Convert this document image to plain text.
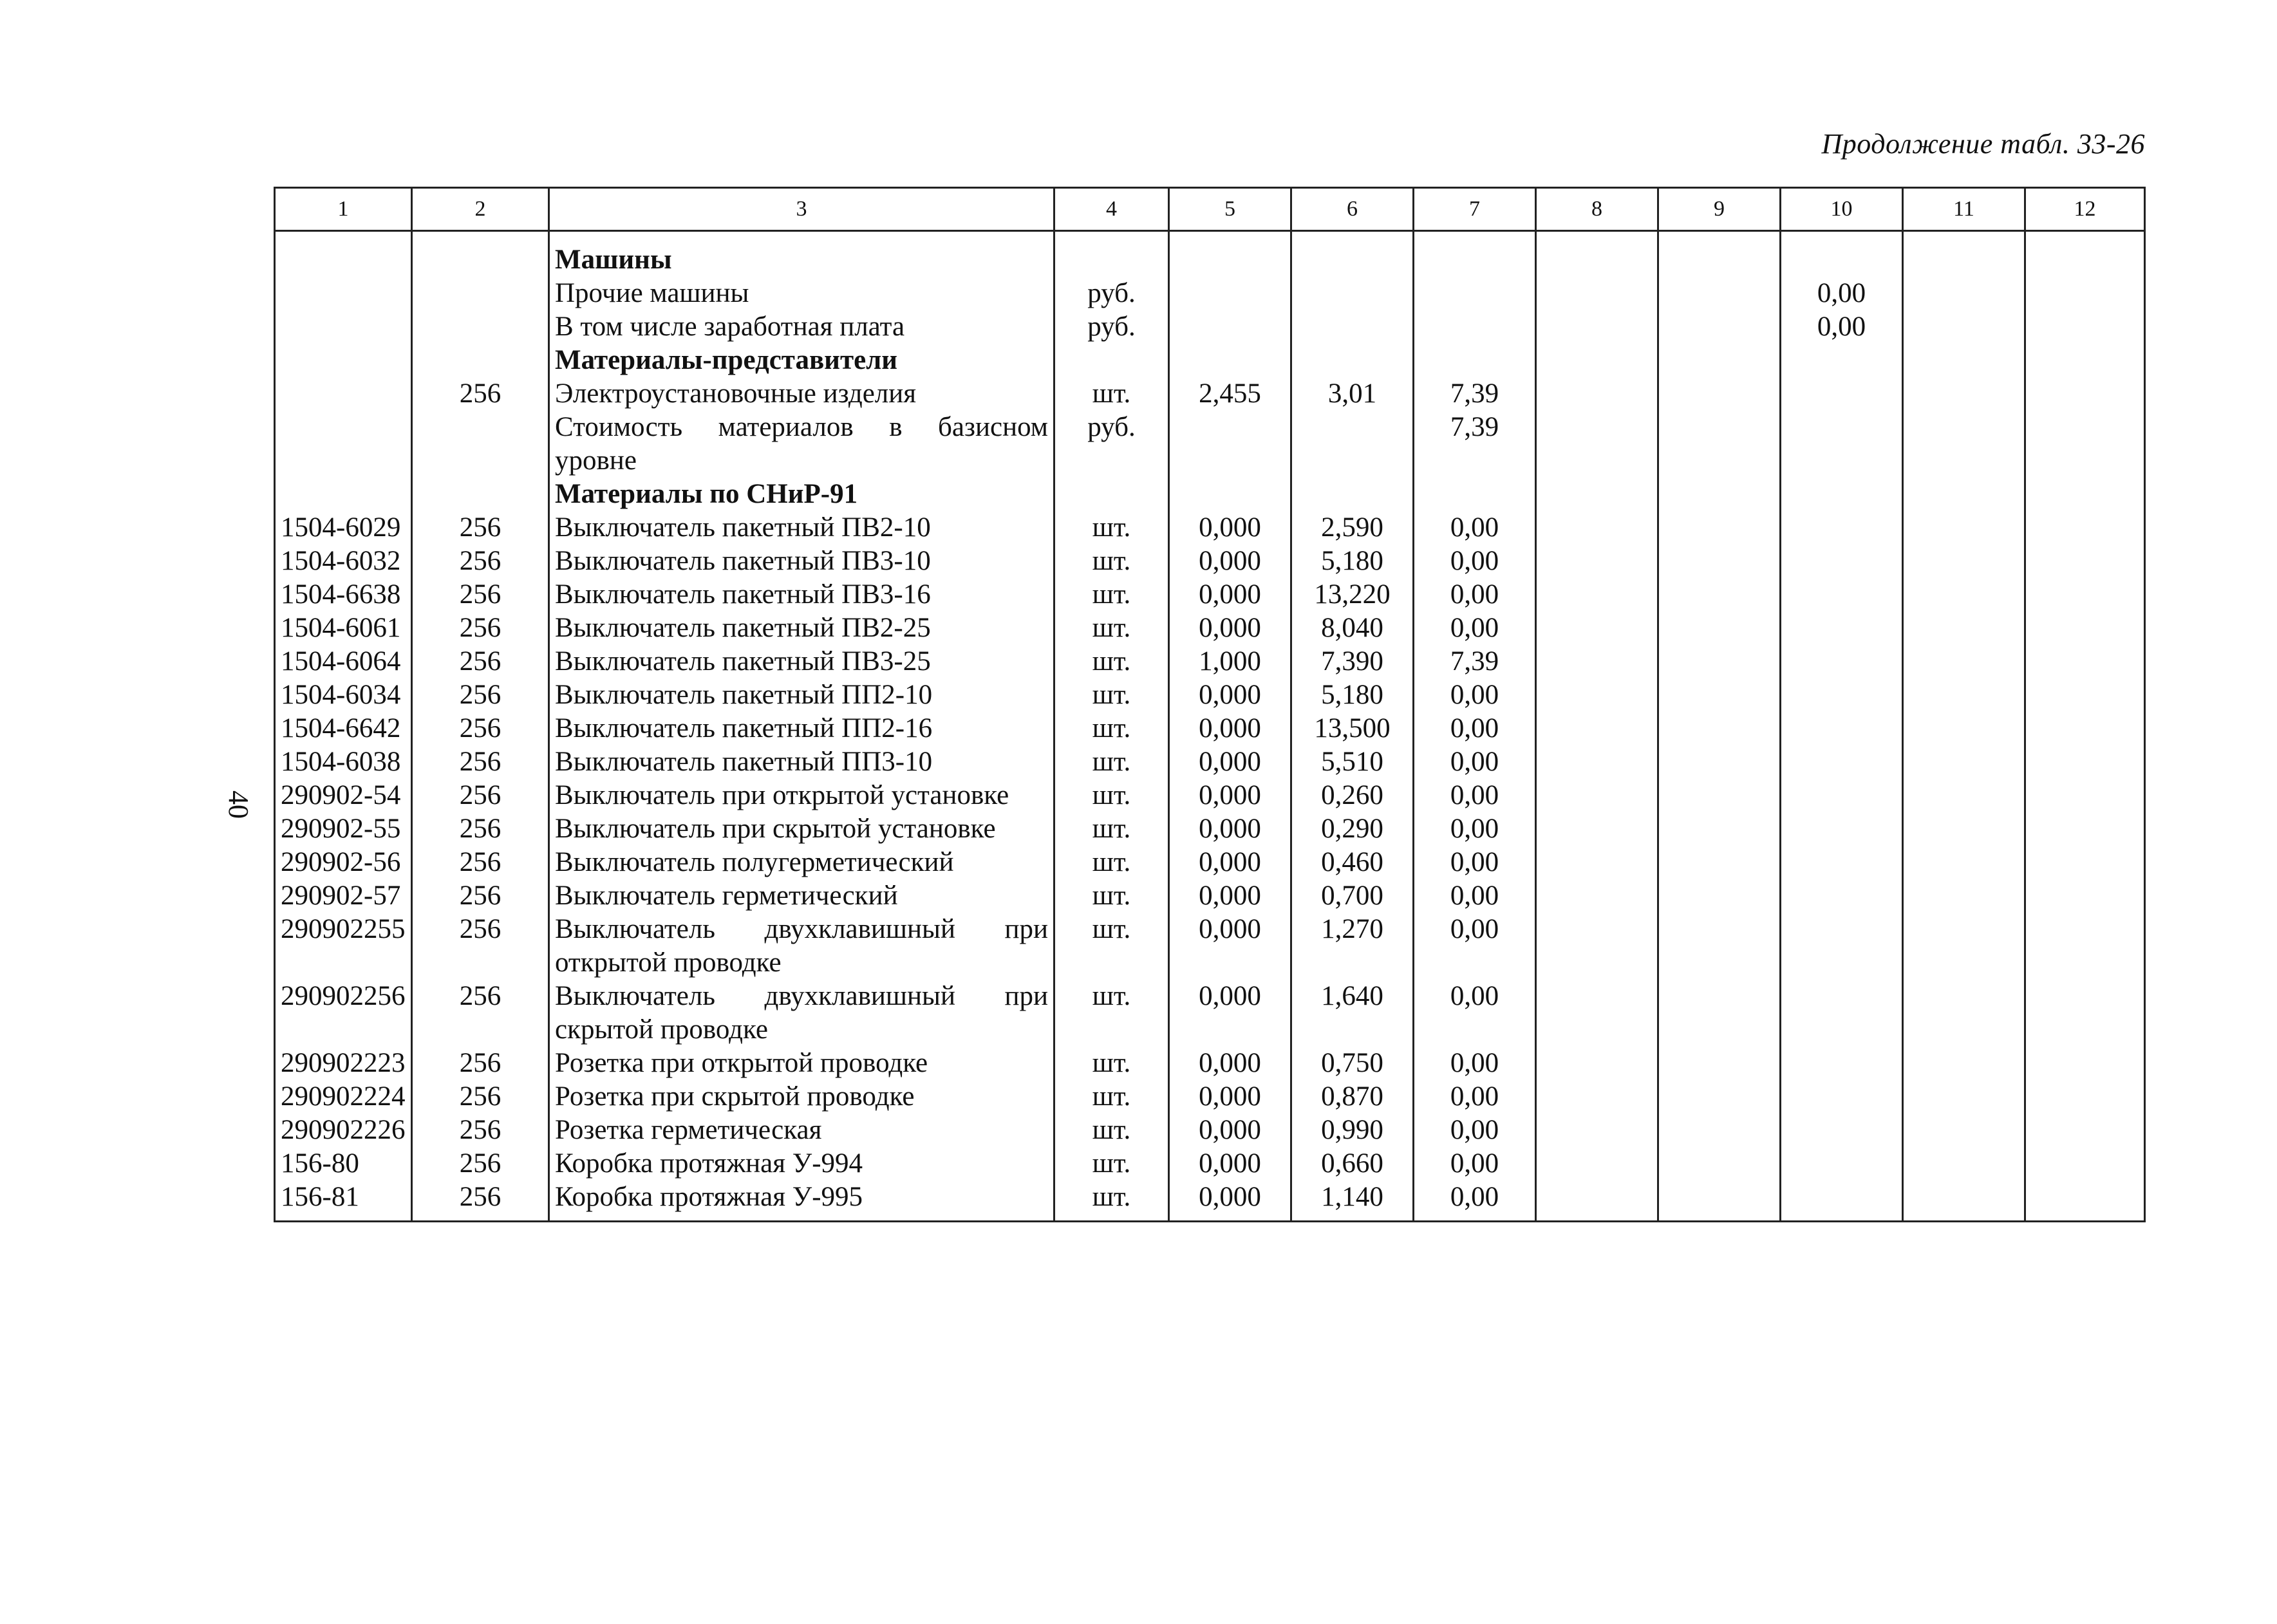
Продолжение табл. 33-26
40
1	2	3	4	5	6	7	8	9	10	11	12
		Машины									
		Прочие машины	руб.						0,00		
		В том числе заработная плата	руб.						0,00		
		Материалы-представители									
	256	Электроустановочные изделия	шт.	2,455	3,01	7,39					
		Стоимость материалов в базисном уровне	руб.			7,39					
		Материалы по СНиР-91									
1504-6029	256	Выключатель пакетный ПВ2-10	шт.	0,000	2,590	0,00					
1504-6032	256	Выключатель пакетный ПВ3-10	шт.	0,000	5,180	0,00					
1504-6638	256	Выключатель пакетный ПВ3-16	шт.	0,000	13,220	0,00					
1504-6061	256	Выключатель пакетный ПВ2-25	шт.	0,000	8,040	0,00					
1504-6064	256	Выключатель пакетный ПВ3-25	шт.	1,000	7,390	7,39					
1504-6034	256	Выключатель пакетный ПП2-10	шт.	0,000	5,180	0,00					
1504-6642	256	Выключатель пакетный ПП2-16	шт.	0,000	13,500	0,00					
1504-6038	256	Выключатель пакетный ПП3-10	шт.	0,000	5,510	0,00					
290902-54	256	Выключатель при открытой установке	шт.	0,000	0,260	0,00					
290902-55	256	Выключатель при скрытой установке	шт.	0,000	0,290	0,00					
290902-56	256	Выключатель полугерметический	шт.	0,000	0,460	0,00					
290902-57	256	Выключатель герметический	шт.	0,000	0,700	0,00					
290902255	256	Выключатель двухклавишный при открытой проводке	шт.	0,000	1,270	0,00					
290902256	256	Выключатель двухклавишный при скрытой проводке	шт.	0,000	1,640	0,00					
290902223	256	Розетка при открытой проводке	шт.	0,000	0,750	0,00					
290902224	256	Розетка при скрытой проводке	шт.	0,000	0,870	0,00					
290902226	256	Розетка герметическая	шт.	0,000	0,990	0,00					
156-80	256	Коробка протяжная У-994	шт.	0,000	0,660	0,00					
156-81	256	Коробка протяжная У-995	шт.	0,000	1,140	0,00					
